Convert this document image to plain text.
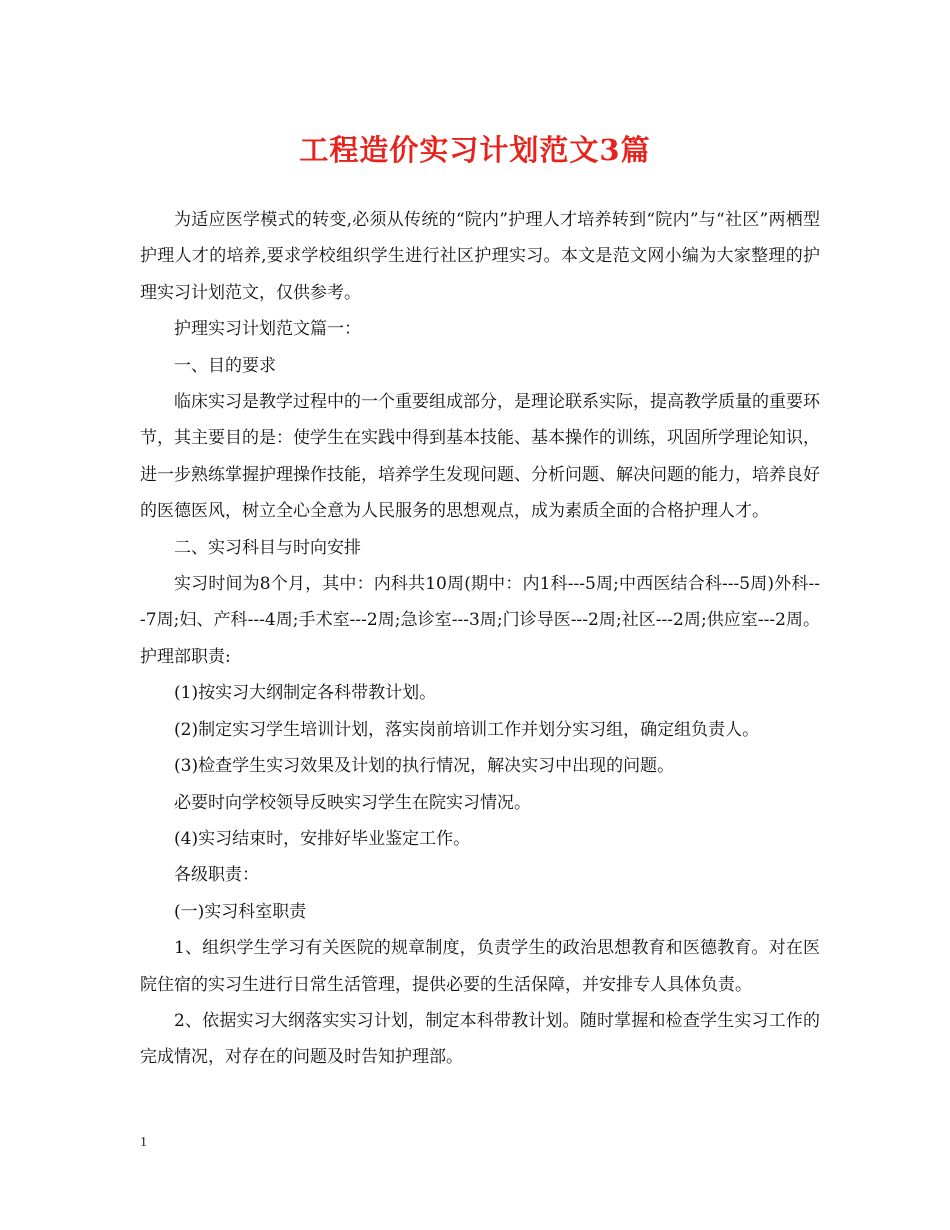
工程造价实习计划范文3篇

为适应医学模式的转变,必须从传统的“院内”护理人才培养转到“院内”与“社区”两栖型护理人才的培养,要求学校组织学生进行社区护理实习。本文是范文网小编为大家整理的护理实习计划范文，仅供参考。

护理实习计划范文篇一：

一、目的要求

临床实习是教学过程中的一个重要组成部分，是理论联系实际，提高教学质量的重要环节，其主要目的是：使学生在实践中得到基本技能、基本操作的训练，巩固所学理论知识，进一步熟练掌握护理操作技能，培养学生发现问题、分析问题、解决问题的能力，培养良好的医德医风，树立全心全意为人民服务的思想观点，成为素质全面的合格护理人才。

二、实习科目与时向安排

实习时间为8个月，其中：内科共10周(期中：内1科---5周;中西医结合科---5周)外科---7周;妇、产科---4周;手术室---2周;急诊室---3周;门诊导医---2周;社区---2周;供应室---2周。 护理部职责:

(1)按实习大纲制定各科带教计划。

(2)制定实习学生培训计划，落实岗前培训工作并划分实习组，确定组负责人。

(3)检查学生实习效果及计划的执行情况，解决实习中出现的问题。

必要时向学校领导反映实习学生在院实习情况。

(4)实习结束时，安排好毕业鉴定工作。

各级职责：

(一)实习科室职责

1、组织学生学习有关医院的规章制度，负责学生的政治思想教育和医德教育。对在医院住宿的实习生进行日常生活管理，提供必要的生活保障，并安排专人具体负责。

2、依据实习大纲落实实习计划，制定本科带教计划。随时掌握和检查学生实习工作的完成情况，对存在的问题及时告知护理部。

1
